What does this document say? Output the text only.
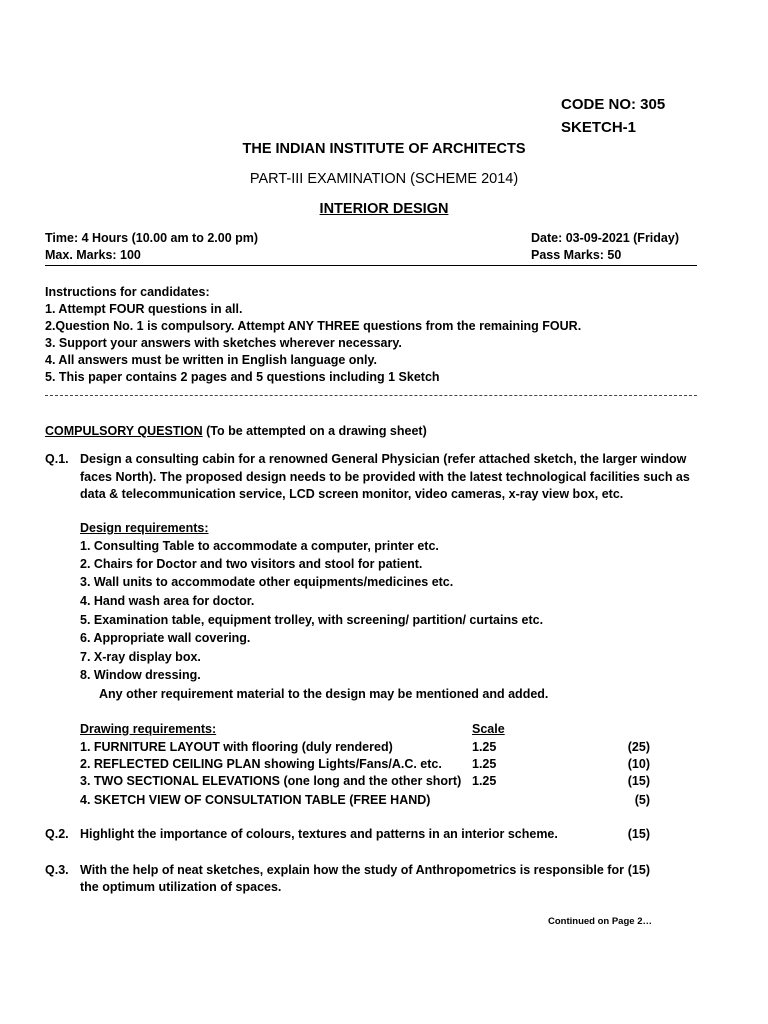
CODE NO: 305
SKETCH-1
THE INDIAN INSTITUTE OF ARCHITECTS
PART-III EXAMINATION (SCHEME 2014)
INTERIOR DESIGN
Time: 4 Hours (10.00 am to 2.00 pm)	Date: 03-09-2021 (Friday)
Max. Marks: 100	Pass Marks: 50
Instructions for candidates:
1. Attempt FOUR questions in all.
2.Question No. 1 is compulsory. Attempt ANY THREE questions from the remaining FOUR.
3. Support your answers with sketches wherever necessary.
4. All answers must be written in English language only.
5. This paper contains 2 pages and 5 questions including 1 Sketch
COMPULSORY QUESTION (To be attempted on a drawing sheet)
Q.1. Design a consulting cabin for a renowned General Physician (refer attached sketch, the larger window
faces North). The proposed design needs to be provided with the latest technological facilities such as
data & telecommunication service, LCD screen monitor, video cameras, x-ray view box, etc.
Design requirements:
1. Consulting Table to accommodate a computer, printer etc.
2. Chairs for Doctor and two visitors and stool for patient.
3. Wall units to accommodate other equipments/medicines etc.
4. Hand wash area for doctor.
5. Examination table, equipment trolley, with screening/ partition/ curtains etc.
6. Appropriate wall covering.
7. X-ray display box.
8. Window dressing.
Any other requirement material to the design may be mentioned and added.
Drawing requirements:	Scale
1. FURNITURE LAYOUT with flooring (duly rendered)	1.25	(25)
2. REFLECTED CEILING PLAN showing Lights/Fans/A.C. etc. 1.25	(10)
3. TWO SECTIONAL ELEVATIONS (one long and the other short) 1.25	(15)
4. SKETCH VIEW OF CONSULTATION TABLE (FREE HAND)	(5)
Q.2. Highlight the importance of colours, textures and patterns in an interior scheme.	(15)
Q.3. With the help of neat sketches, explain how the study of Anthropometrics is responsible for (15)
the optimum utilization of spaces.
Continued on Page 2…
